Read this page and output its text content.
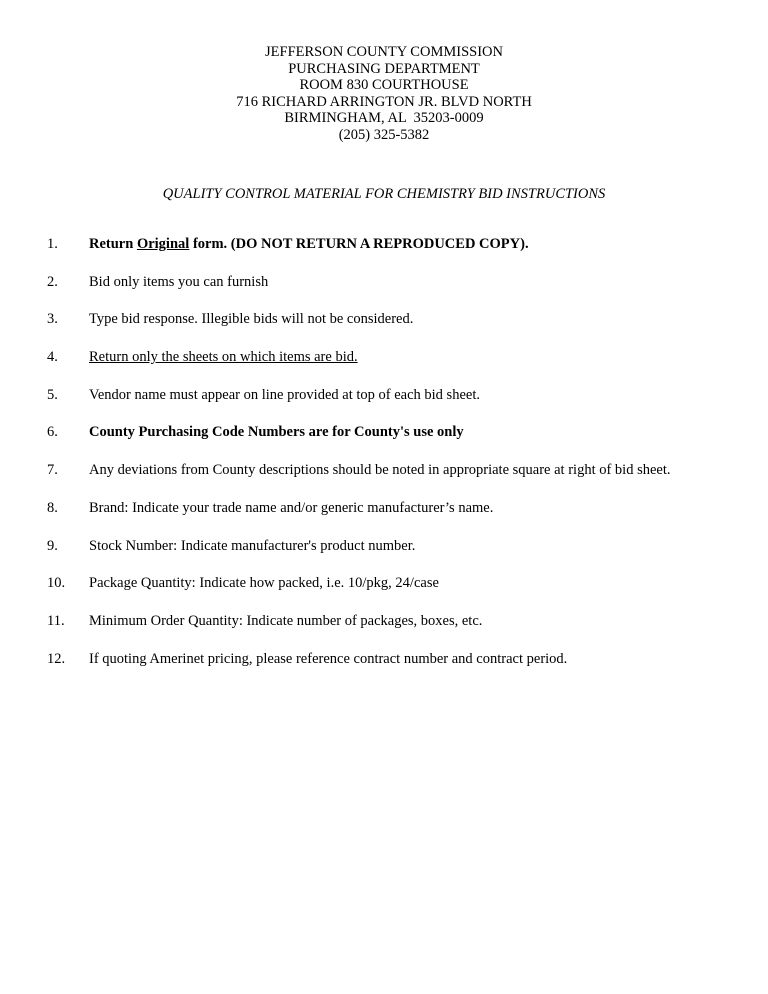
JEFFERSON COUNTY COMMISSION
PURCHASING DEPARTMENT
ROOM 830 COURTHOUSE
716 RICHARD ARRINGTON JR. BLVD NORTH
BIRMINGHAM, AL  35203-0009
(205) 325-5382
QUALITY CONTROL MATERIAL FOR CHEMISTRY BID INSTRUCTIONS
1.	Return Original form. (DO NOT RETURN A REPRODUCED COPY).
2.	Bid only items you can furnish
3.	Type bid response. Illegible bids will not be considered.
4.	Return only the sheets on which items are bid.
5.	Vendor name must appear on line provided at top of each bid sheet.
6.	County Purchasing Code Numbers are for County's use only
7.	Any deviations from County descriptions should be noted in appropriate square at right of bid sheet.
8.	Brand: Indicate your trade name and/or generic manufacturer’s name.
9.	Stock Number: Indicate manufacturer's product number.
10.	Package Quantity: Indicate how packed, i.e. 10/pkg, 24/case
11.	Minimum Order Quantity: Indicate number of packages, boxes, etc.
12.	If quoting Amerinet pricing, please reference contract number and contract period.
